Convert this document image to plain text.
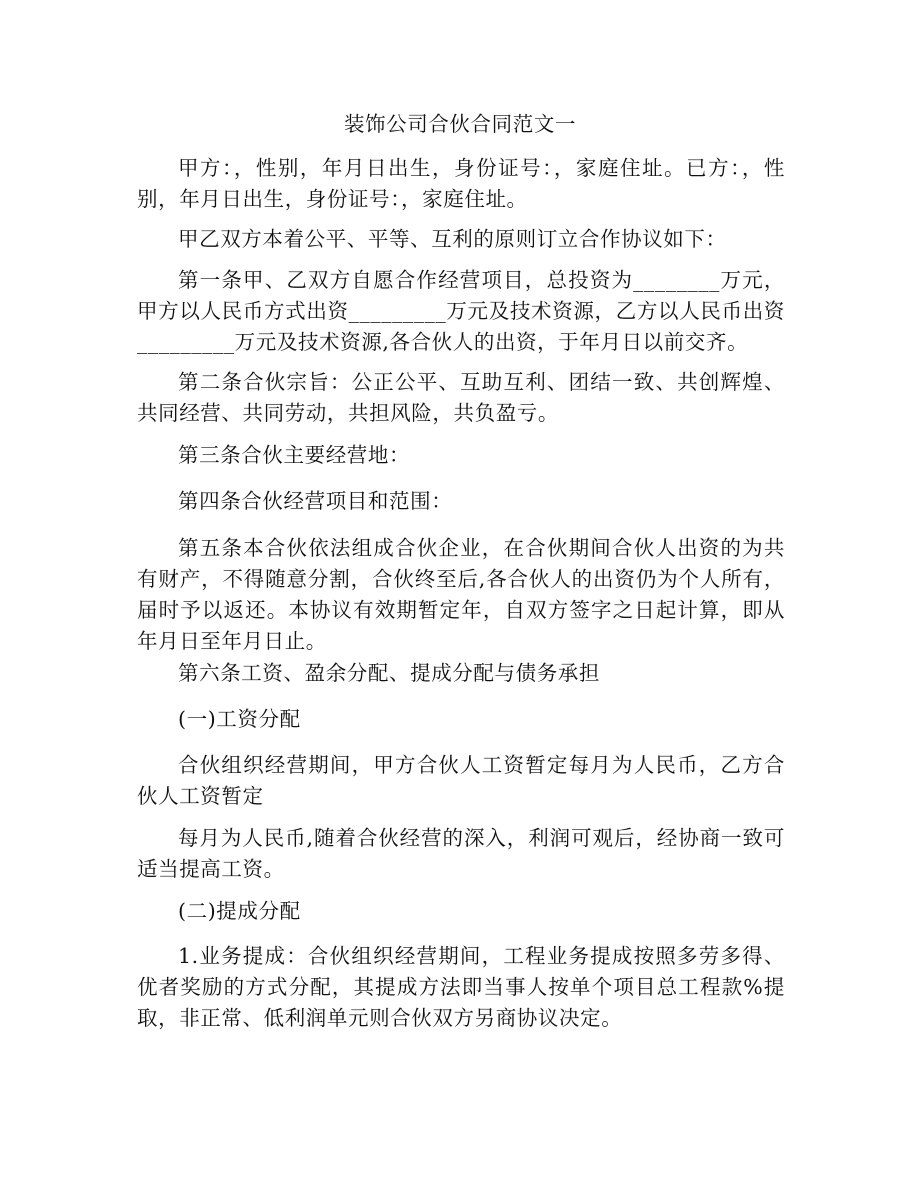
装饰公司合伙合同范文一

甲方：，性别，年月日出生，身份证号：，家庭住址。已方：，性别，年月日出生，身份证号：，家庭住址。

甲乙双方本着公平、平等、互利的原则订立合作协议如下：

第一条甲、乙双方自愿合作经营项目，总投资为________万元，甲方以人民币方式出资_________万元及技术资源，乙方以人民币出资_________万元及技术资源,各合伙人的出资，于年月日以前交齐。

第二条合伙宗旨：公正公平、互助互利、团结一致、共创辉煌、共同经营、共同劳动，共担风险，共负盈亏。

第三条合伙主要经营地：

第四条合伙经营项目和范围：

第五条本合伙依法组成合伙企业，在合伙期间合伙人出资的为共有财产，不得随意分割，合伙终至后,各合伙人的出资仍为个人所有，届时予以返还。本协议有效期暂定年，自双方签字之日起计算，即从年月日至年月日止。

第六条工资、盈余分配、提成分配与债务承担

(一)工资分配

合伙组织经营期间，甲方合伙人工资暂定每月为人民币，乙方合伙人工资暂定

每月为人民币,随着合伙经营的深入，利润可观后，经协商一致可适当提高工资。

(二)提成分配

1.业务提成：合伙组织经营期间，工程业务提成按照多劳多得、优者奖励的方式分配，其提成方法即当事人按单个项目总工程款%提取，非正常、低利润单元则合伙双方另商协议决定。
